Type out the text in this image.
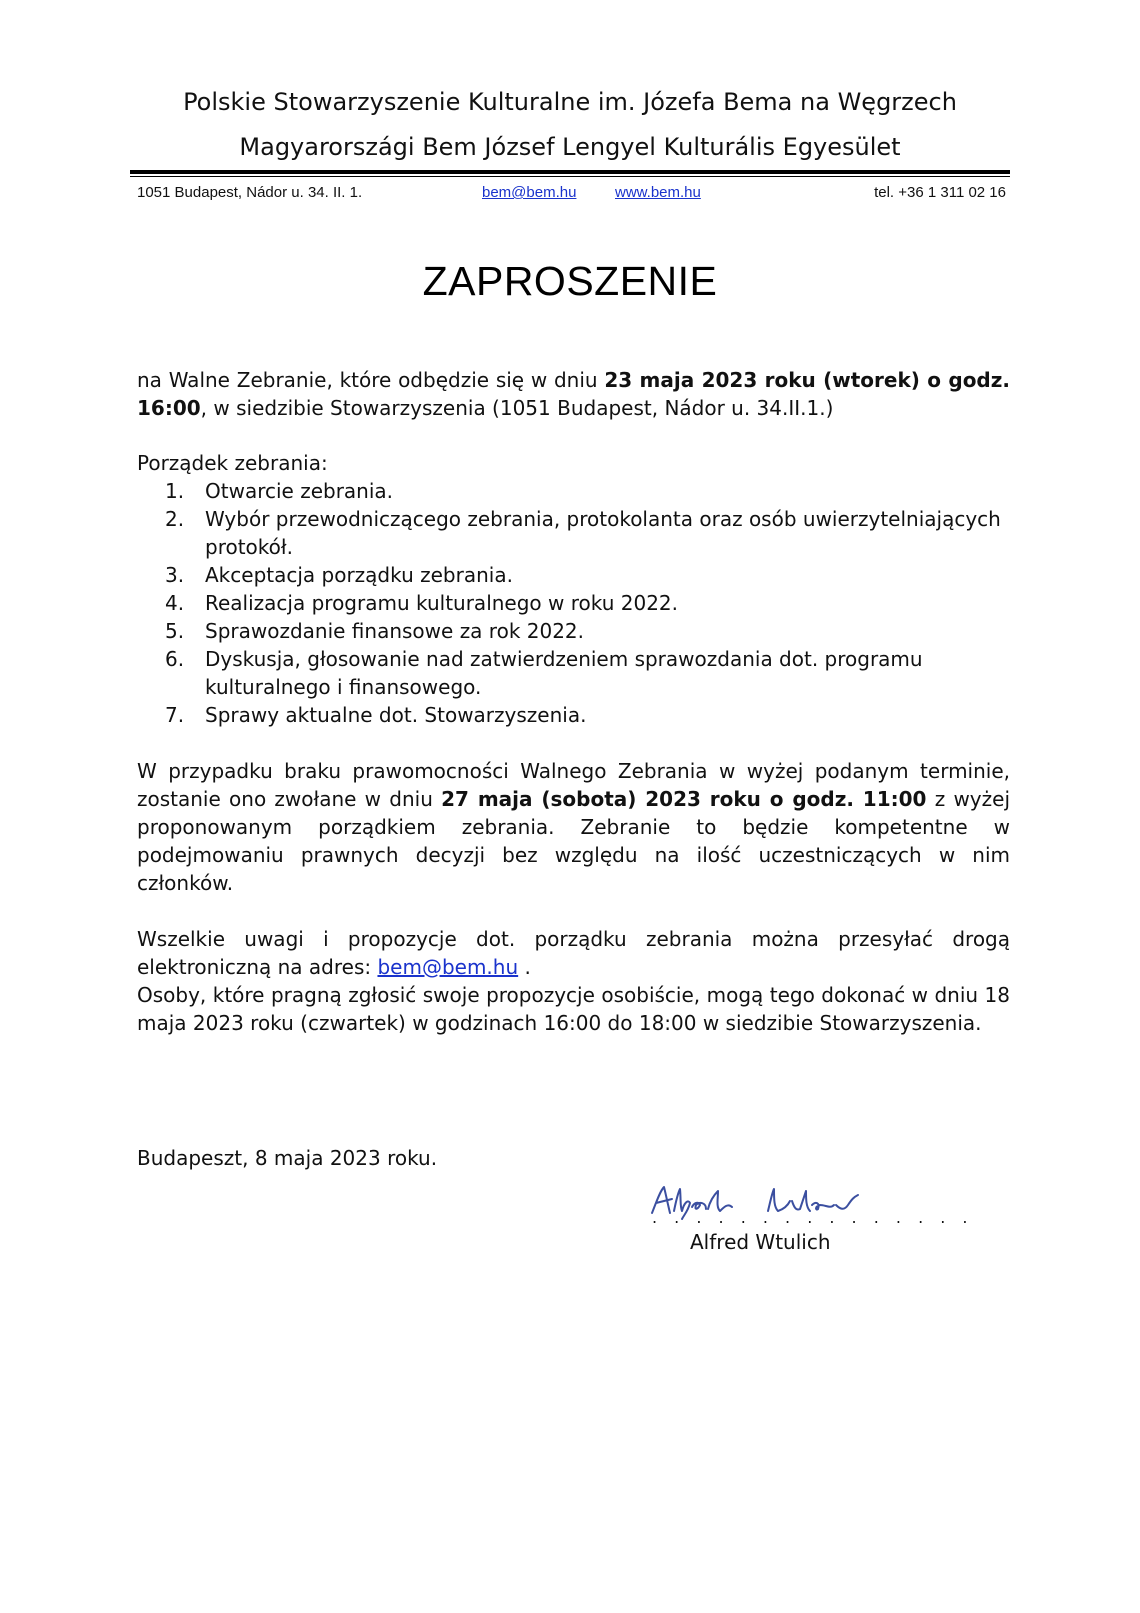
Polskie Stowarzyszenie Kulturalne im. Józefa Bema na Węgrzech
Magyarországi Bem József Lengyel Kulturális Egyesület
1051 Budapest, Nádor u. 34. II. 1.	bem@bem.hu	www.bem.hu	tel. +36 1 311 02 16
ZAPROSZENIE

na Walne Zebranie, które odbędzie się w dniu 23 maja 2023 roku (wtorek) o godz. 16:00, w siedzibie Stowarzyszenia (1051 Budapest, Nádor u. 34.II.1.)

Porządek zebrania:

1. Otwarcie zebrania.
2. Wybór przewodniczącego zebrania, protokolanta oraz osób uwierzytelniających protokół.
3. Akceptacja porządku zebrania.
4. Realizacja programu kulturalnego w roku 2022.
5. Sprawozdanie finansowe za rok 2022.
6. Dyskusja, głosowanie nad zatwierdzeniem sprawozdania dot. programu kulturalnego i finansowego.
7. Sprawy aktualne dot. Stowarzyszenia.

W przypadku braku prawomocności Walnego Zebrania w wyżej podanym terminie, zostanie ono zwołane w dniu 27 maja (sobota) 2023 roku o godz. 11:00 z wyżej proponowanym porządkiem zebrania. Zebranie to będzie kompetentne w podejmowaniu prawnych decyzji bez względu na ilość uczestniczących w nim członków.

Wszelkie uwagi i propozycje dot. porządku zebrania można przesyłać drogą elektroniczną na adres: bem@bem.hu .

Osoby, które pragną zgłosić swoje propozycje osobiście, mogą tego dokonać w dniu 18 maja 2023 roku (czwartek) w godzinach 16:00 do 18:00 w siedzibie Stowarzyszenia.

Budapeszt, 8 maja 2023 roku.
. . . . . . . . . . . . . . .
Alfred Wtulich
